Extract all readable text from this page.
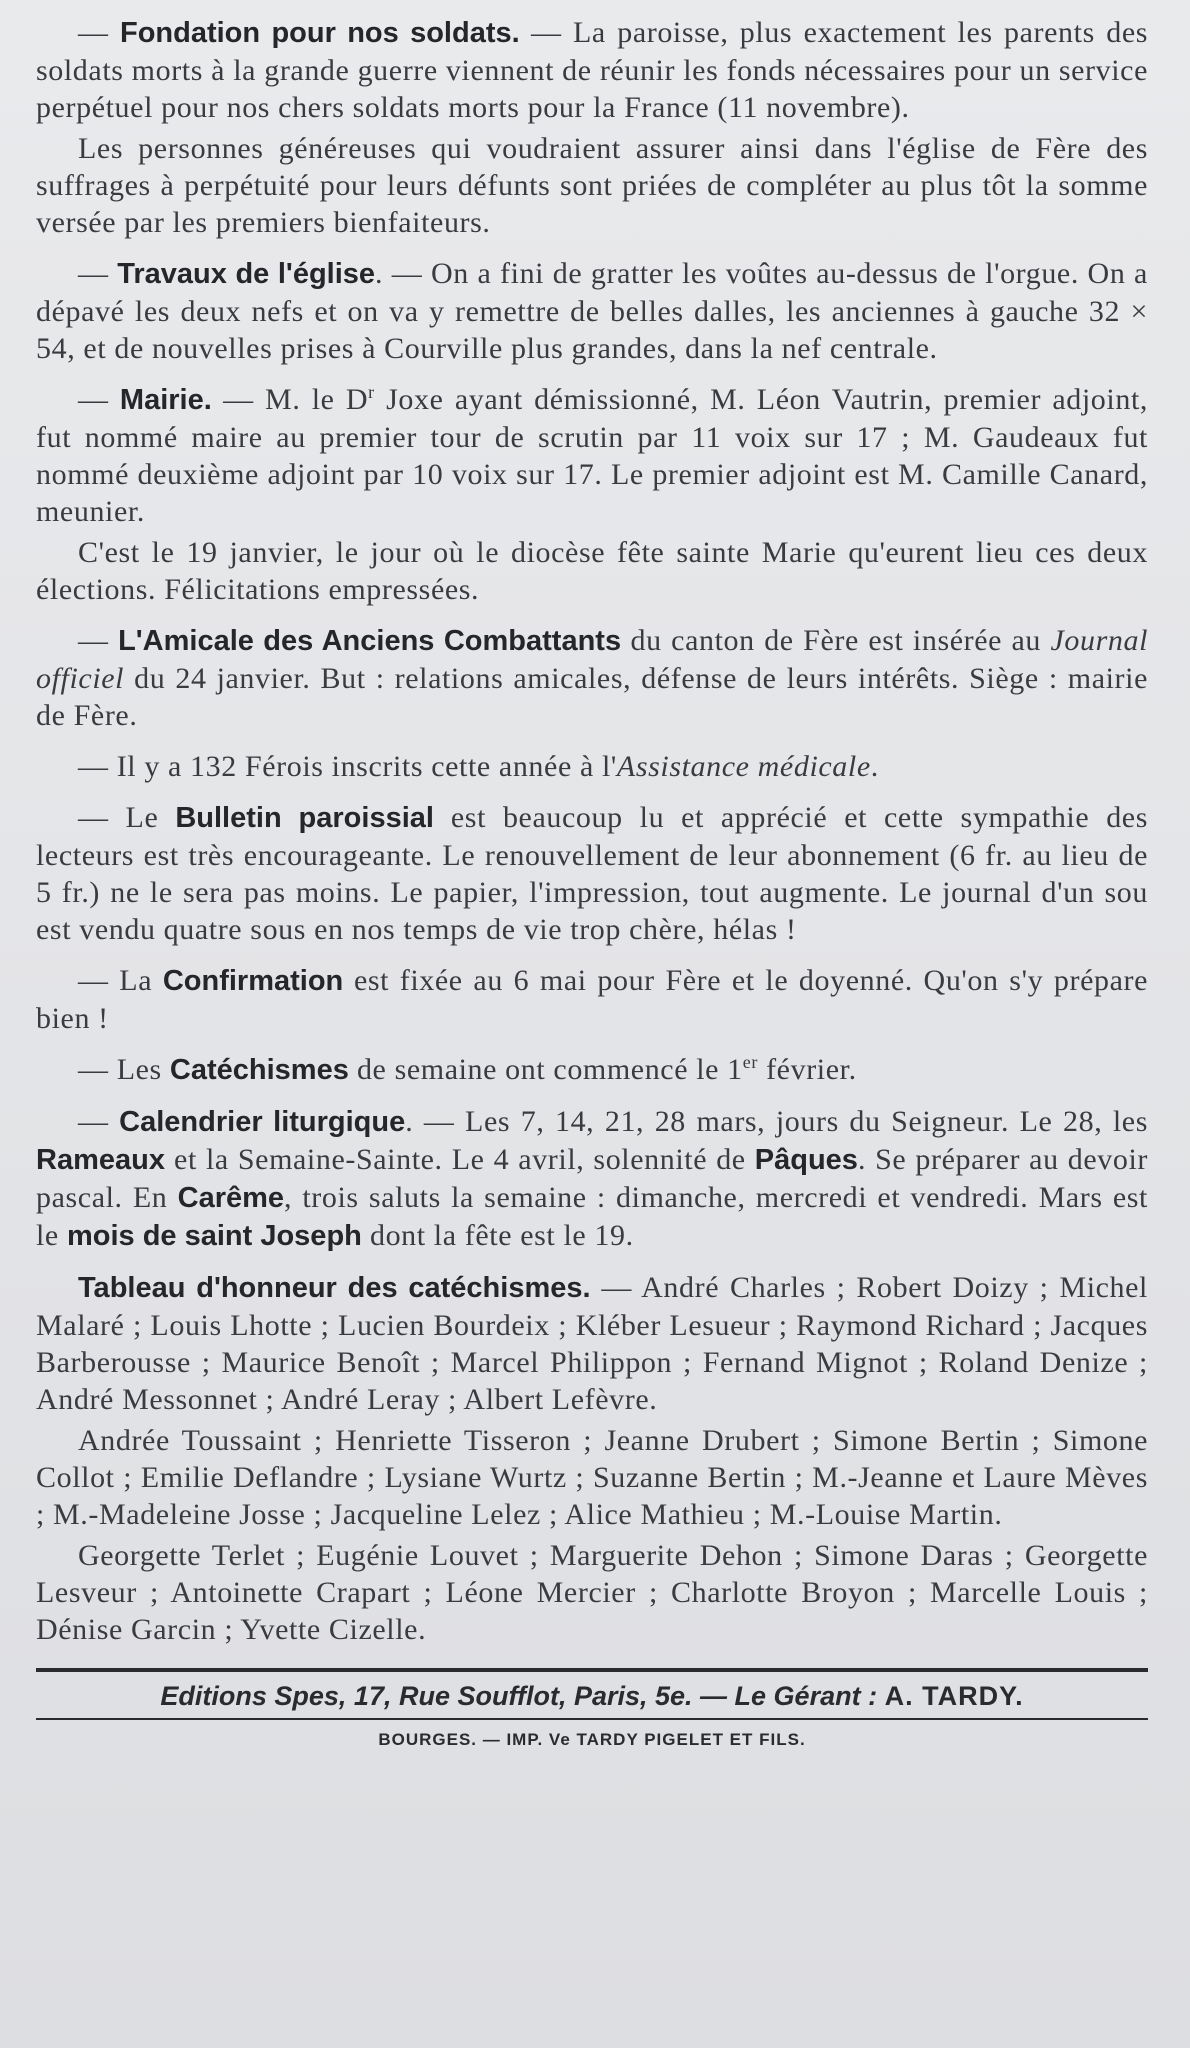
— Fondation pour nos soldats. — La paroisse, plus exactement les parents des soldats morts à la grande guerre viennent de réunir les fonds nécessaires pour un service perpétuel pour nos chers soldats morts pour la France (11 novembre).

Les personnes généreuses qui voudraient assurer ainsi dans l'église de Fère des suffrages à perpétuité pour leurs défunts sont priées de compléter au plus tôt la somme versée par les premiers bienfaiteurs.

— Travaux de l'église. — On a fini de gratter les voûtes au-dessus de l'orgue. On a dépavé les deux nefs et on va y remettre de belles dalles, les anciennes à gauche 32 × 54, et de nouvelles prises à Courville plus grandes, dans la nef centrale.

— Mairie. — M. le $D^r$ Joxe ayant démissionné, M. Léon Vautrin, premier adjoint, fut nommé maire au premier tour de scrutin par 11 voix sur 17 ; M. Gaudeaux fut nommé deuxième adjoint par 10 voix sur 17. Le premier adjoint est M. Camille Canard, meunier.

C'est le 19 janvier, le jour où le diocèse fête sainte Marie qu'eurent lieu ces deux élections. Félicitations empressées.

— L'Amicale des Anciens Combattants du canton de Fère est insérée au Journal officiel du 24 janvier. But : relations amicales, défense de leurs intérêts. Siège : mairie de Fère.

— Il y a 132 Férois inscrits cette année à l'Assistance médicale.

— Le Bulletin paroissial est beaucoup lu et apprécié et cette sympathie des lecteurs est très encourageante. Le renouvellement de leur abonnement (6 fr. au lieu de 5 fr.) ne le sera pas moins. Le papier, l'impression, tout augmente. Le journal d'un sou est vendu quatre sous en nos temps de vie trop chère, hélas !

— La Confirmation est fixée au 6 mai pour Fère et le doyenné. Qu'on s'y prépare bien !

— Les Catéchismes de semaine ont commencé le 1er février.

— Calendrier liturgique. — Les 7, 14, 21, 28 mars, jours du Seigneur. Le 28, les Rameaux et la Semaine-Sainte. Le 4 avril, solennité de Pâques. Se préparer au devoir pascal. En Carême, trois saluts la semaine : dimanche, mercredi et vendredi. Mars est le mois de saint Joseph dont la fête est le 19.

Tableau d'honneur des catéchismes. — André Charles ; Robert Doizy ; Michel Malaré ; Louis Lhotte ; Lucien Bourdeix ; Kléber Lesueur ; Raymond Richard ; Jacques Barberousse ; Maurice Benoît ; Marcel Philippon ; Fernand Mignot ; Roland Denize ; André Messonnet ; André Leray ; Albert Lefèvre.

Andrée Toussaint ; Henriette Tisseron ; Jeanne Drubert ; Simone Bertin ; Simone Collot ; Emilie Deflandre ; Lysiane Wurtz ; Suzanne Bertin ; M.-Jeanne et Laure Mèves ; M.-Madeleine Josse ; Jacqueline Lelez ; Alice Mathieu ; M.-Louise Martin.

Georgette Terlet ; Eugénie Louvet ; Marguerite Dehon ; Simone Daras ; Georgette Lesveur ; Antoinette Crapart ; Léone Mercier ; Charlotte Broyon ; Marcelle Louis ; Dénise Garcin ; Yvette Cizelle.

Editions Spes, 17, Rue Soufflot, Paris, 5e. — Le Gérant : A. TARDY.
BOURGES. — IMP. Ve TARDY PIGELET ET FILS.
